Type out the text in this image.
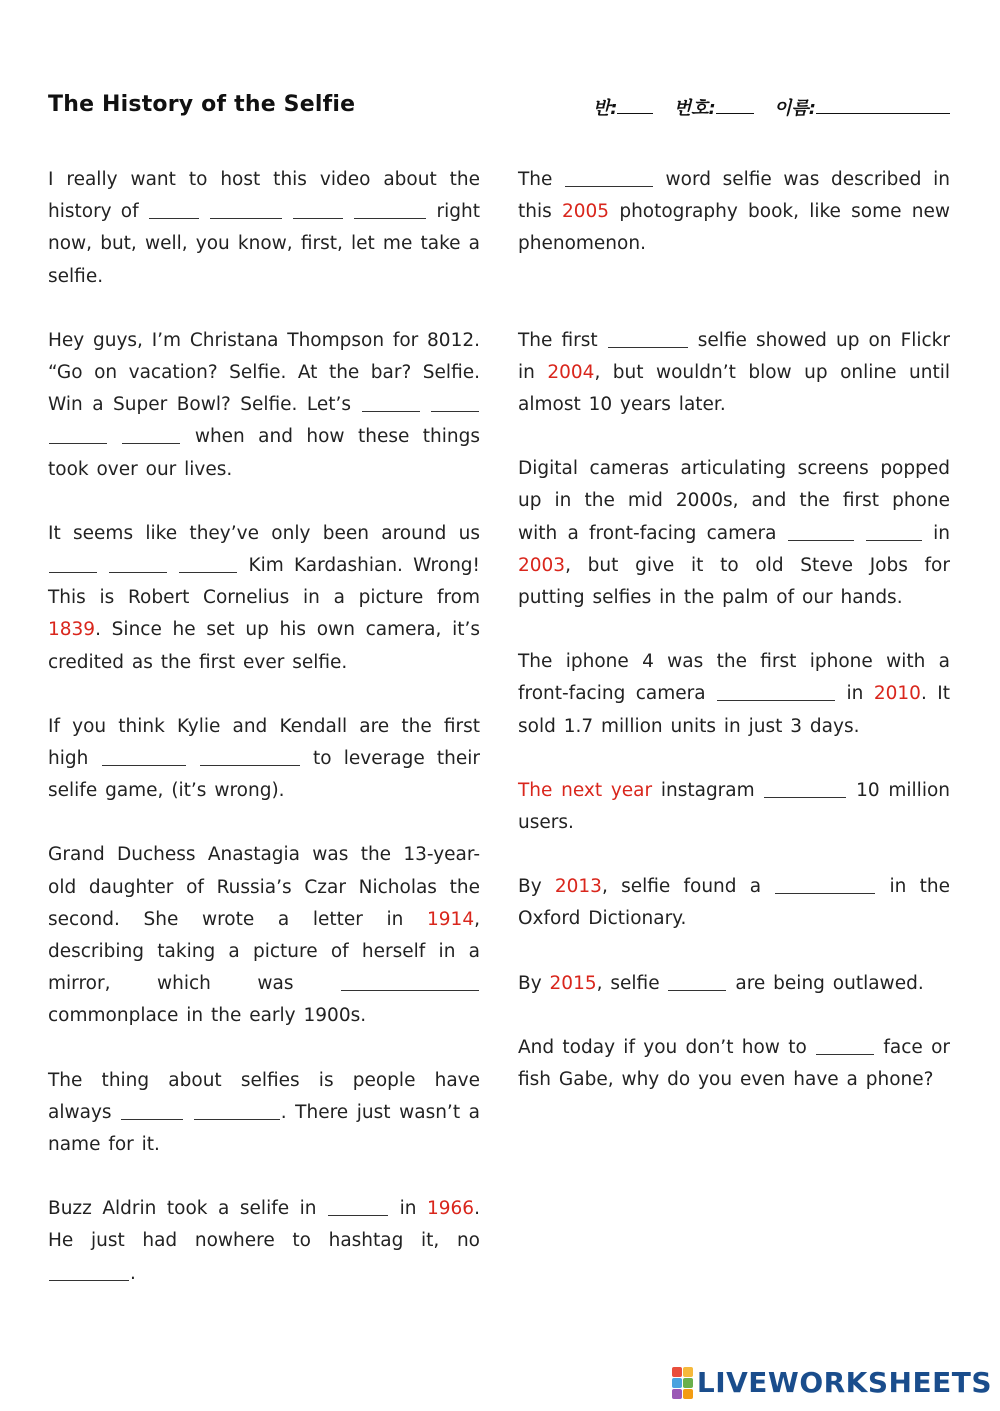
The History of the Selfie	반:	번호:	이름:

I really want to host this video about the history of	right now, but, well, you know, first, let me take a selfie.

Hey guys, I’m Christana Thompson for 8012. “Go on vacation? Selfie. At the bar? Selfie. Win a Super Bowl? Selfie. Let’s     when and how these things took over our lives.

It seems like they’ve only been around us    Kim Kardashian. Wrong! This is Robert Cornelius in a picture from 1839. Since he set up his own camera, it’s credited as the first ever selfie.

If you think Kylie and Kendall are the first high	to leverage their selife game, (it’s wrong).

Grand Duchess Anastagia was the 13-year-old daughter of Russia’s Czar Nicholas the second. She wrote a letter in 1914, describing taking a picture of herself in a mirror, which was  commonplace in the early 1900s.

The thing about selfies is people have always	. There just wasn’t a name for it.

Buzz Aldrin took a selife in	in 1966. He just had nowhere to hashtag it, no .

The	word selfie was described in this 2005 photography book, like some new phenomenon.

The first	selfie showed up on Flickr in 2004, but wouldn’t blow up online until almost 10 years later.

Digital cameras articulating screens popped up in the mid 2000s, and the first phone with a front-facing camera	in 2003, but give it to old Steve Jobs for putting selfies in the palm of our hands.

The iphone 4 was the first iphone with a front-facing camera	in 2010. It sold 1.7 million units in just 3 days.

The next year instagram	10 million users.

By 2013, selfie found a	in the Oxford Dictionary.

By 2015, selfie	are being outlawed.

And today if you don’t how to	face or fish Gabe, why do you even have a phone?

LIVEWORKSHEETS
